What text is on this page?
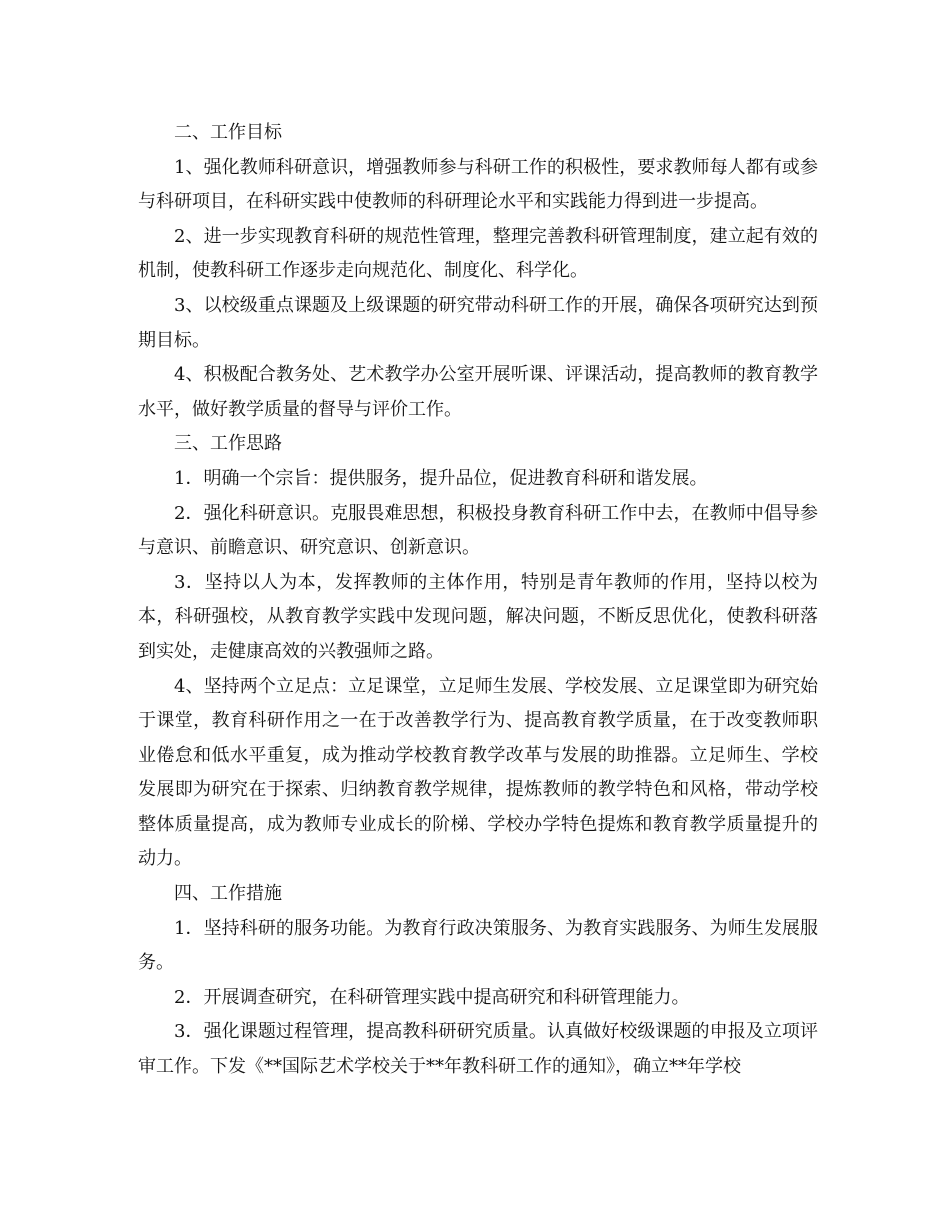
二、工作目标

1、强化教师科研意识，增强教师参与科研工作的积极性，要求教师每人都有或参与科研项目，在科研实践中使教师的科研理论水平和实践能力得到进一步提高。

2、进一步实现教育科研的规范性管理，整理完善教科研管理制度，建立起有效的机制，使教科研工作逐步走向规范化、制度化、科学化。

3、以校级重点课题及上级课题的研究带动科研工作的开展，确保各项研究达到预期目标。

4、积极配合教务处、艺术教学办公室开展听课、评课活动，提高教师的教育教学水平，做好教学质量的督导与评价工作。

三、工作思路

1．明确一个宗旨：提供服务，提升品位，促进教育科研和谐发展。

2．强化科研意识。克服畏难思想，积极投身教育科研工作中去，在教师中倡导参与意识、前瞻意识、研究意识、创新意识。

3．坚持以人为本，发挥教师的主体作用，特别是青年教师的作用，坚持以校为本，科研强校，从教育教学实践中发现问题，解决问题，不断反思优化，使教科研落到实处，走健康高效的兴教强师之路。

4、坚持两个立足点：立足课堂，立足师生发展、学校发展、立足课堂即为研究始于课堂，教育科研作用之一在于改善教学行为、提高教育教学质量，在于改变教师职业倦怠和低水平重复，成为推动学校教育教学改革与发展的助推器。立足师生、学校发展即为研究在于探索、归纳教育教学规律，提炼教师的教学特色和风格，带动学校整体质量提高，成为教师专业成长的阶梯、学校办学特色提炼和教育教学质量提升的动力。

四、工作措施

1．坚持科研的服务功能。为教育行政决策服务、为教育实践服务、为师生发展服务。

2．开展调查研究，在科研管理实践中提高研究和科研管理能力。

3．强化课题过程管理，提高教科研研究质量。认真做好校级课题的申报及立项评审工作。下发《**国际艺术学校关于**年教科研工作的通知》，确立**年学校
